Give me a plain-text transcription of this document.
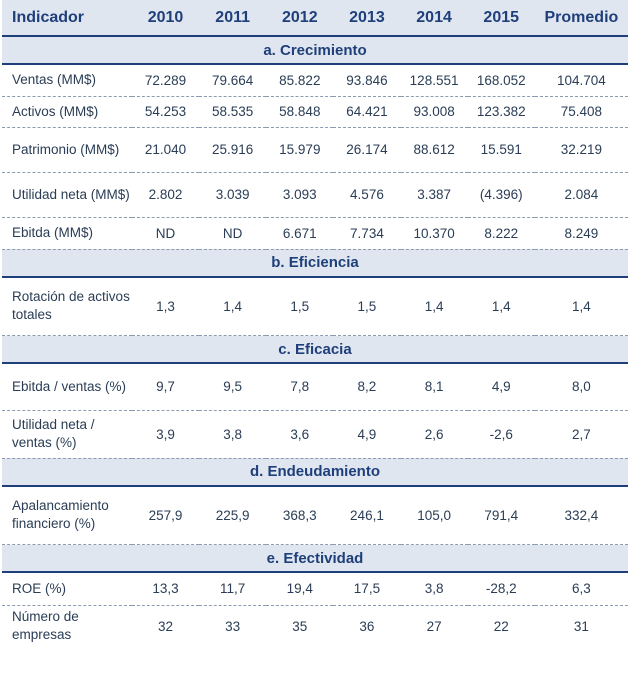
Indicador	2010	2011	2012	2013	2014	2015	Promedio
a. Crecimiento							
Ventas (MM$)	72.289	79.664	85.822	93.846	128.551	168.052	104.704
Activos (MM$)	54.253	58.535	58.848	64.421	93.008	123.382	75.408
Patrimonio (MM$)	21.040	25.916	15.979	26.174	88.612	15.591	32.219
Utilidad neta (MM$)	2.802	3.039	3.093	4.576	3.387	(4.396)	2.084
Ebitda (MM$)	ND	ND	6.671	7.734	10.370	8.222	8.249
b. Eficiencia							
Rotación de activos totales	1,3	1,4	1,5	1,5	1,4	1,4	1,4
c. Eficacia							
Ebitda / ventas (%)	9,7	9,5	7,8	8,2	8,1	4,9	8,0
Utilidad neta / ventas (%)	3,9	3,8	3,6	4,9	2,6	-2,6	2,7
d. Endeudamiento							
Apalancamiento financiero (%)	257,9	225,9	368,3	246,1	105,0	791,4	332,4
e. Efectividad							
ROE (%)	13,3	11,7	19,4	17,5	3,8	-28,2	6,3
Número de empresas	32	33	35	36	27	22	31
